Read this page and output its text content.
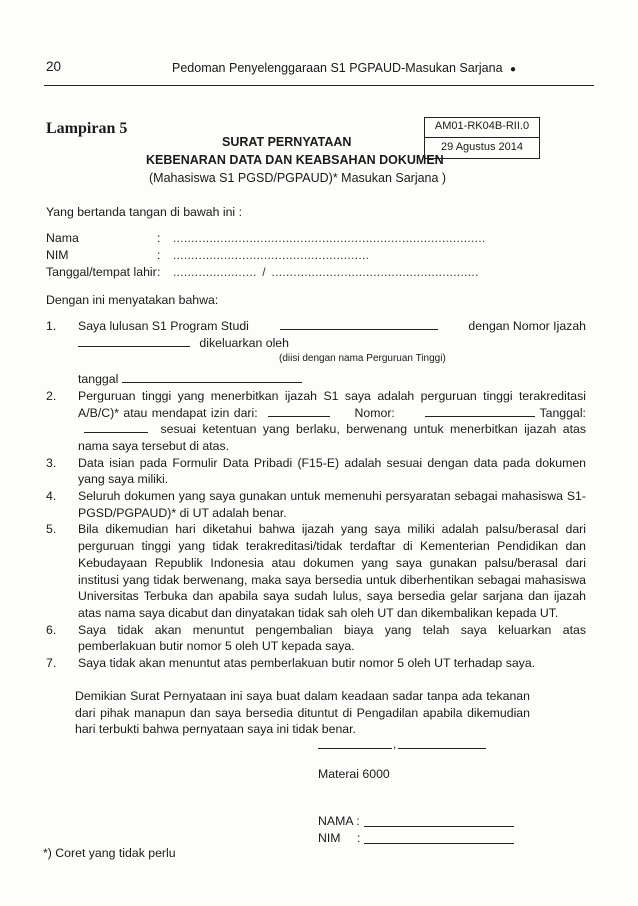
20	Pedoman Penyelenggaraan S1 PGPAUD-Masukan Sarjana ●
Lampiran 5	AM01-RK04B-RII.0
29 Agustus 2014
SURAT PERNYATAAN
KEBENARAN DATA DAN KEABSAHAN DOKUMEN
(Mahasiswa S1 PGSD/PGPAUD)* Masukan Sarjana )
Yang bertanda tangan di bawah ini :
Nama	: ......................................................................................
NIM	: ......................................................
Tanggal/tempat lahir : ....................... / .........................................................
Dengan ini menyatakan bahwa:
1.	Saya lulusan S1 Program Studi	dengan Nomor Ijazah
dikeluarkan oleh
(diisi dengan nama Perguruan Tinggi)
tanggal
2.	Perguruan tinggi yang menerbitkan ijazah S1 saya adalah perguruan tinggi terakreditasi A/B/C)* atau mendapat izin dari:	Nomor:	Tanggal:  sesuai ketentuan yang berlaku, berwenang untuk menerbitkan ijazah atas nama saya tersebut di atas.
3.	Data isian pada Formulir Data Pribadi (F15-E) adalah sesuai dengan data pada dokumen yang saya miliki.
4.	Seluruh dokumen yang saya gunakan untuk memenuhi persyaratan sebagai mahasiswa S1-PGSD/PGPAUD)* di UT adalah benar.
5.	Bila dikemudian hari diketahui bahwa ijazah yang saya miliki adalah palsu/berasal dari perguruan tinggi yang tidak terakreditasi/tidak terdaftar di Kementerian Pendidikan dan Kebudayaan Republik Indonesia atau dokumen yang saya gunakan palsu/berasal dari institusi yang tidak berwenang, maka saya bersedia untuk diberhentikan sebagai mahasiswa Universitas Terbuka dan apabila saya sudah lulus, saya bersedia gelar sarjana dan ijazah atas nama saya dicabut dan dinyatakan tidak sah oleh UT dan dikembalikan kepada UT.
6.	Saya tidak akan menuntut pengembalian biaya yang telah saya keluarkan atas pemberlakuan butir nomor 5 oleh UT kepada saya.
7.	Saya tidak akan menuntut atas pemberlakuan butir nomor 5 oleh UT terhadap saya.
Demikian Surat Pernyataan ini saya buat dalam keadaan sadar tanpa ada tekanan dari pihak manapun dan saya bersedia dituntut di Pengadilan apabila dikemudian hari terbukti bahwa pernyataan saya ini tidak benar.
,
Materai 6000
NAMA :
NIM :
*) Coret yang tidak perlu
